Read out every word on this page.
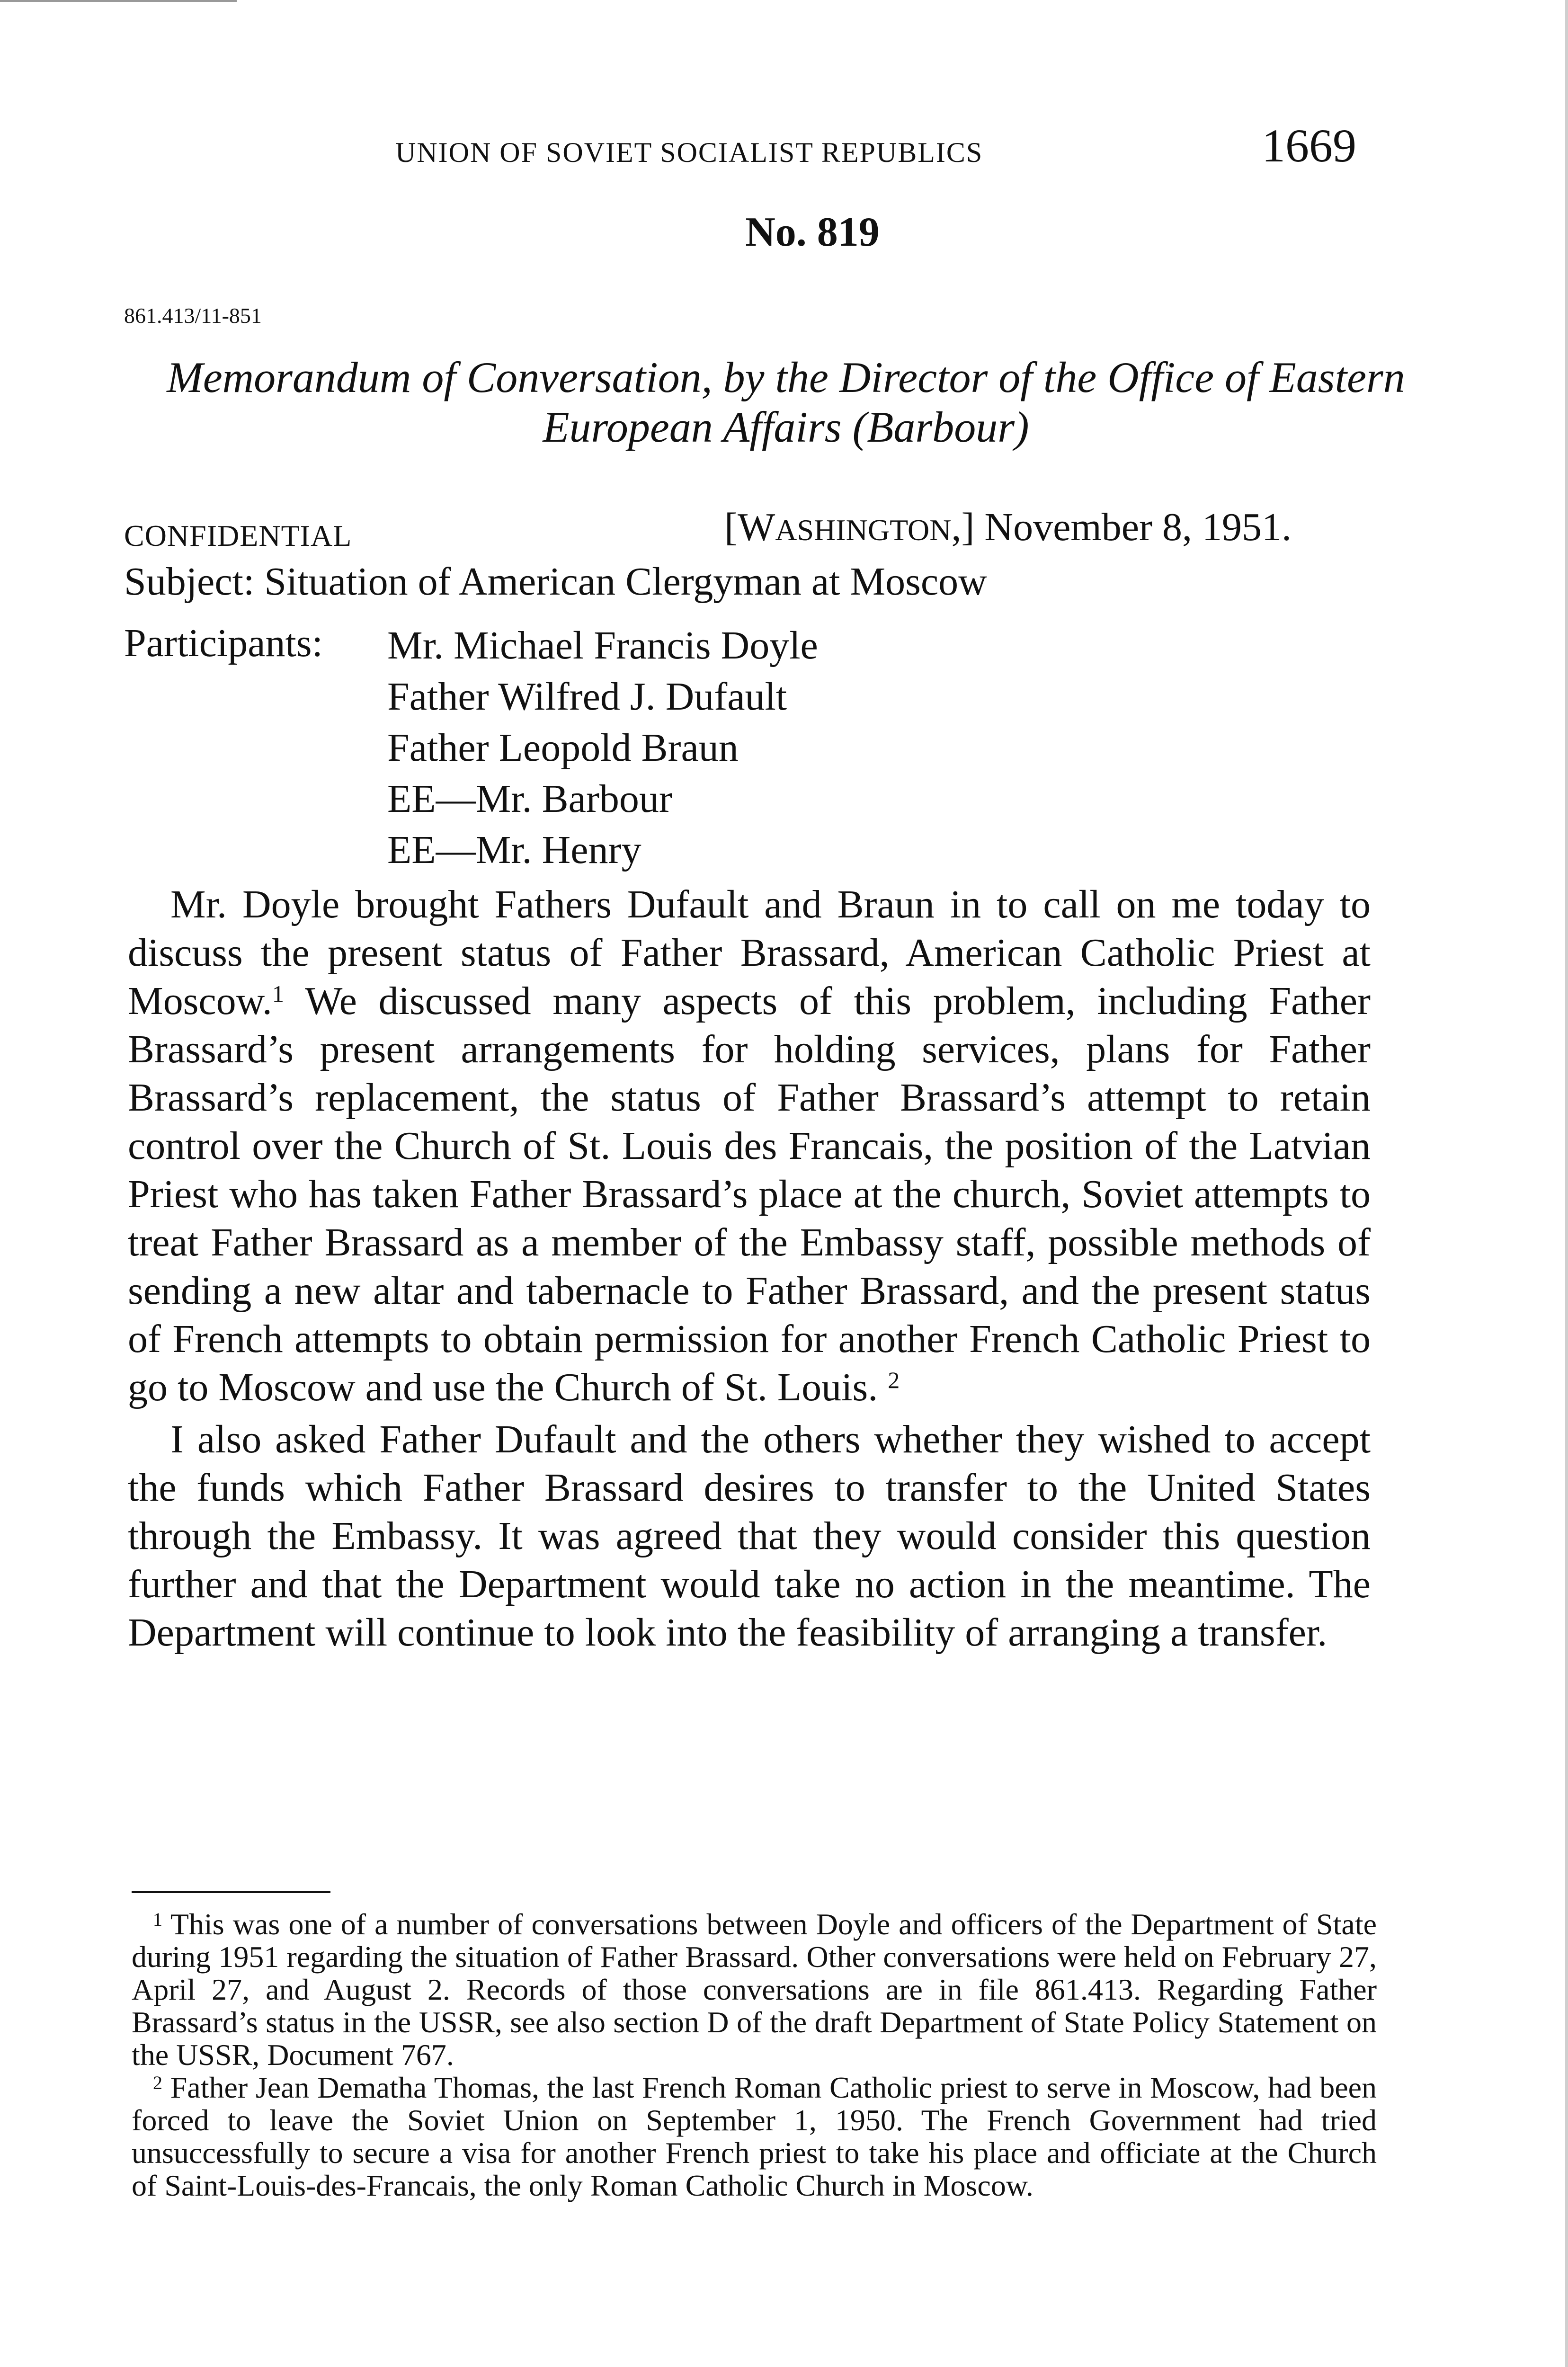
UNION OF SOVIET SOCIALIST REPUBLICS	1669
No. 819
861.413/11-851
Memorandum of Conversation, by the Director of the Office of Eastern European Affairs (Barbour)
CONFIDENTIAL	[WASHINGTON,] November 8, 1951.
Subject: Situation of American Clergyman at Moscow
Participants: Mr. Michael Francis Doyle
Father Wilfred J. Dufault
Father Leopold Braun
EE—Mr. Barbour
EE—Mr. Henry

Mr. Doyle brought Fathers Dufault and Braun in to call on me today to discuss the present status of Father Brassard, American Catholic Priest at Moscow.$^1$ We discussed many aspects of this problem, including Father Brassard’s present arrangements for holding services, plans for Father Brassard’s replacement, the status of Father Brassard’s attempt to retain control over the Church of St. Louis des Francais, the position of the Latvian Priest who has taken Father Brassard’s place at the church, Soviet attempts to treat Father Brassard as a member of the Embassy staff, possible methods of sending a new altar and tabernacle to Father Brassard, and the present status of French attempts to obtain permission for another French Catholic Priest to go to Moscow and use the Church of St. Louis. $^2$

I also asked Father Dufault and the others whether they wished to accept the funds which Father Brassard desires to transfer to the United States through the Embassy. It was agreed that they would consider this question further and that the Department would take no action in the meantime. The Department will continue to look into the feasibility of arranging a transfer.

$^1$ This was one of a number of conversations between Doyle and officers of the Department of State during 1951 regarding the situation of Father Brassard. Other conversations were held on February 27, April 27, and August 2. Records of those conversations are in file 861.413. Regarding Father Brassard’s status in the USSR, see also section D of the draft Department of State Policy Statement on the USSR, Document 767.

$^2$ Father Jean Dematha Thomas, the last French Roman Catholic priest to serve in Moscow, had been forced to leave the Soviet Union on September 1, 1950. The French Government had tried unsuccessfully to secure a visa for another French priest to take his place and officiate at the Church of Saint-Louis-des-Francais, the only Roman Catholic Church in Moscow.
